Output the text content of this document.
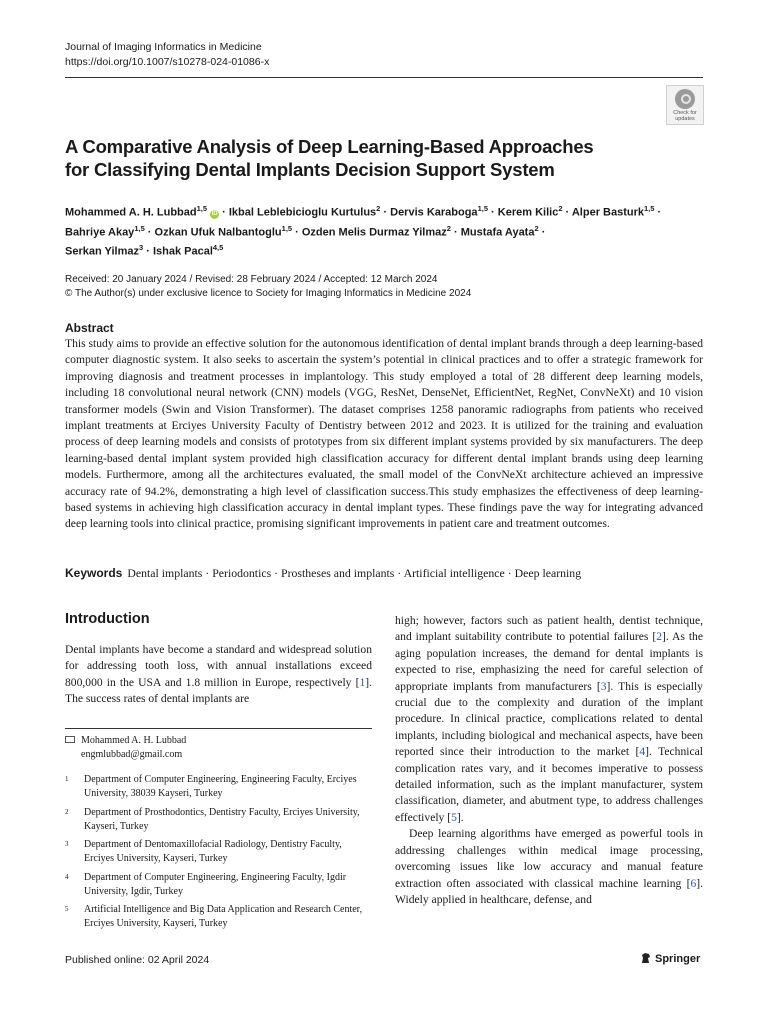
Journal of Imaging Informatics in Medicine
https://doi.org/10.1007/s10278-024-01086-x
Check for
updates
A Comparative Analysis of Deep Learning-Based Approaches
for Classifying Dental Implants Decision Support System
Mohammed A. H. Lubbad$^{1,5}$ iD · Ikbal Leblebicioglu Kurtulus$^2$ · Dervis Karaboga$^{1,5}$ · Kerem Kilic$^2$ · Alper Basturk$^{1,5}$ ·
Bahriye Akay$^{1,5}$ · Ozkan Ufuk Nalbantoglu$^{1,5}$ · Ozden Melis Durmaz Yilmaz$^2$ · Mustafa Ayata$^2$ ·
Serkan Yilmaz$^3$ · Ishak Pacal$^{4,5}$
Received: 20 January 2024 / Revised: 28 February 2024 / Accepted: 12 March 2024
© The Author(s) under exclusive licence to Society for Imaging Informatics in Medicine 2024
Abstract

This study aims to provide an effective solution for the autonomous identification of dental implant brands through a deep learning-based computer diagnostic system. It also seeks to ascertain the system’s potential in clinical practices and to offer a strategic framework for improving diagnosis and treatment processes in implantology. This study employed a total of 28 different deep learning models, including 18 convolutional neural network (CNN) models (VGG, ResNet, DenseNet, EfficientNet, RegNet, ConvNeXt) and 10 vision transformer models (Swin and Vision Transformer). The dataset comprises 1258 panoramic radiographs from patients who received implant treatments at Erciyes University Faculty of Dentistry between 2012 and 2023. It is utilized for the training and evaluation process of deep learning models and consists of prototypes from six different implant systems provided by six manufacturers. The deep learning-based dental implant system provided high classification accuracy for different dental implant brands using deep learning models. Furthermore, among all the architectures evaluated, the small model of the ConvNeXt architecture achieved an impressive accuracy rate of 94.2%, demonstrating a high level of classification success.This study emphasizes the effectiveness of deep learning-based systems in achieving high classification accuracy in dental implant types. These findings pave the way for integrating advanced deep learning tools into clinical practice, promising significant improvements in patient care and treatment outcomes.

Keywords Dental implants · Periodontics · Prostheses and implants · Artificial intelligence · Deep learning
Introduction

Dental implants have become a standard and widespread solution for addressing tooth loss, with annual installations exceed 800,000 in the USA and 1.8 million in Europe, respectively [1]. The success rates of dental implants are

high; however, factors such as patient health, dentist technique, and implant suitability contribute to potential failures [2]. As the aging population increases, the demand for dental implants is expected to rise, emphasizing the need for careful selection of appropriate implants from manufacturers [3]. This is especially crucial due to the complexity and duration of the implant procedure. In clinical practice, complications related to dental implants, including biological and mechanical aspects, have been reported since their introduction to the market [4]. Technical complication rates vary, and it becomes imperative to possess detailed information, such as the implant manufacturer, system classification, diameter, and abutment type, to address challenges effectively [5].

Deep learning algorithms have emerged as powerful tools in addressing challenges within medical image processing, overcoming issues like low accuracy and manual feature extraction often associated with classical machine learning [6]. Widely applied in healthcare, defense, and

Mohammed A. H. Lubbad
engmlubbad@gmail.com
1 Department of Computer Engineering, Engineering Faculty, Erciyes University, 38039 Kayseri, Turkey
2 Department of Prosthodontics, Dentistry Faculty, Erciyes University, Kayseri, Turkey
3 Department of Dentomaxillofacial Radiology, Dentistry Faculty, Erciyes University, Kayseri, Turkey
4 Department of Computer Engineering, Engineering Faculty, Igdir University, Igdir, Turkey
5 Artificial Intelligence and Big Data Application and Research Center, Erciyes University, Kayseri, Turkey
Published online: 02 April 2024	Springer
